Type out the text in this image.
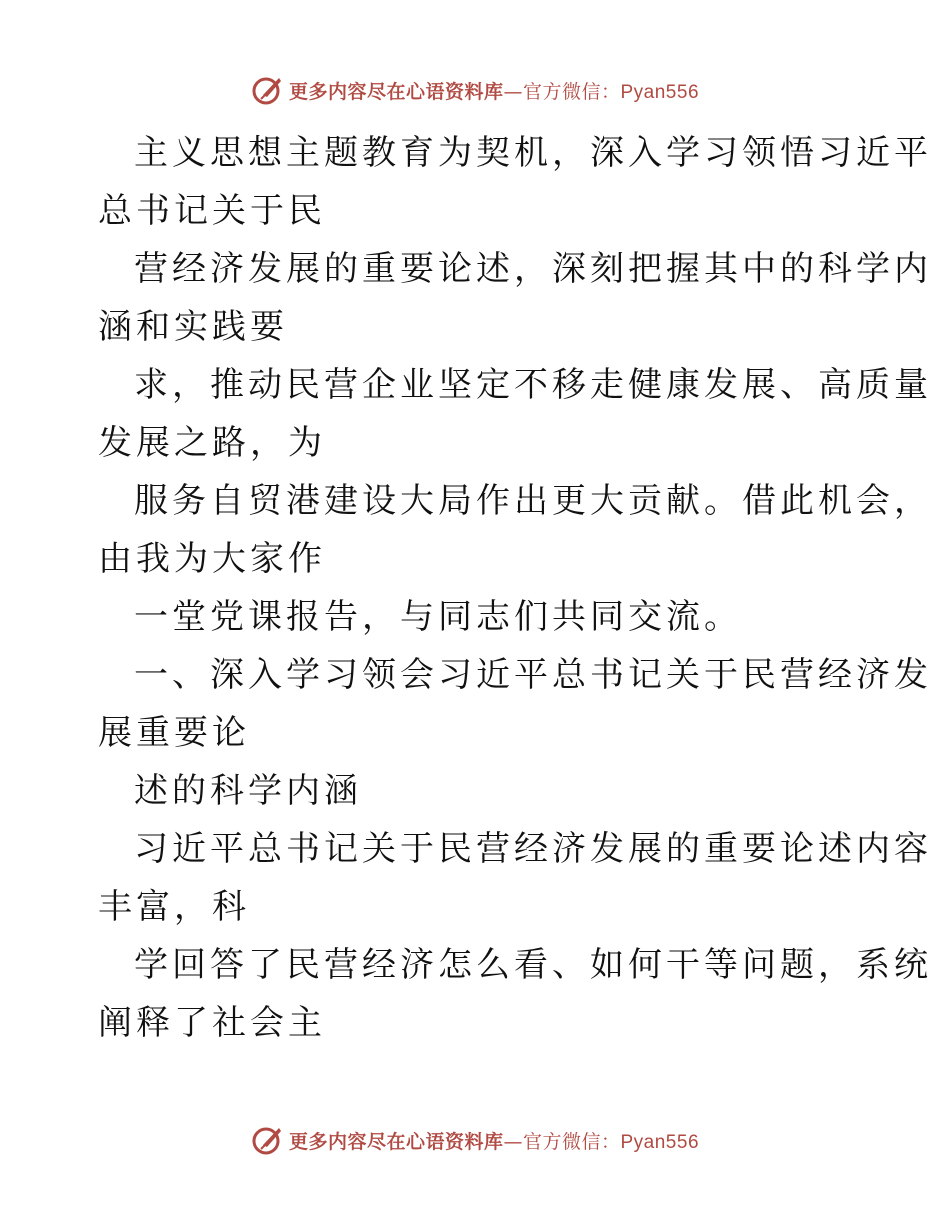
更多内容尽在心语资料库—官方微信：Pyan556
主义思想主题教育为契机，深入学习领悟习近平
总书记关于民
营经济发展的重要论述，深刻把握其中的科学内
涵和实践要
求，推动民营企业坚定不移走健康发展、高质量
发展之路，为
服务自贸港建设大局作出更大贡献。借此机会，
由我为大家作
一堂党课报告，与同志们共同交流。
一、深入学习领会习近平总书记关于民营经济发
展重要论
述的科学内涵
习近平总书记关于民营经济发展的重要论述内容
丰富，科
学回答了民营经济怎么看、如何干等问题，系统
阐释了社会主
更多内容尽在心语资料库—官方微信：Pyan556
